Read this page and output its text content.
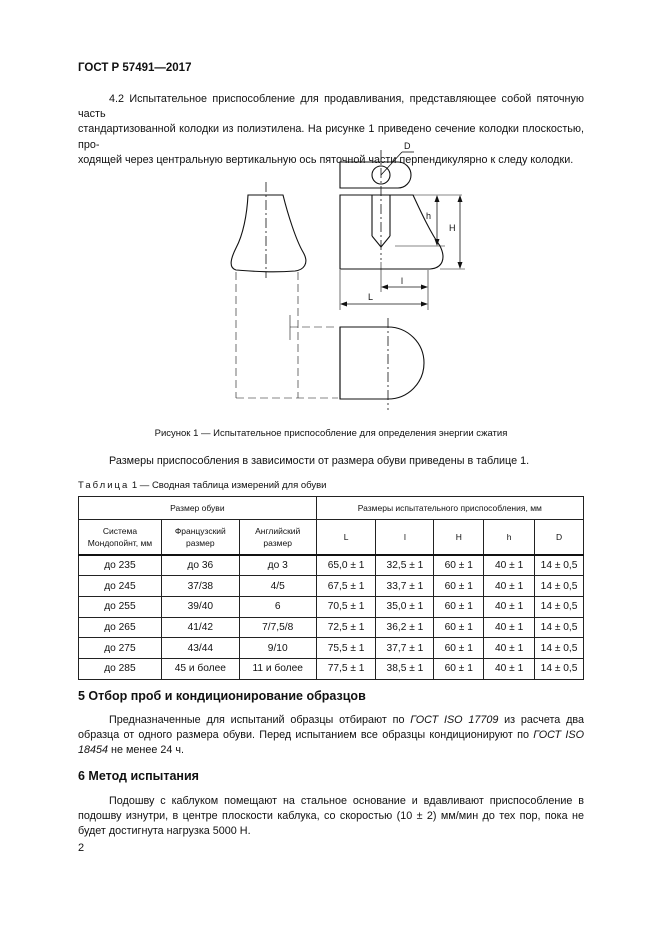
ГОСТ Р 57491—2017
4.2 Испытательное приспособление для продавливания, представляющее собой пяточную часть
стандартизованной колодки из полиэтилена. На рисунке 1 приведено сечение колодки плоскостью, про-
ходящей через центральную вертикальную ось пяточной части перпендикулярно к следу колодки.
D
h
H
l
L
Рисунок 1 — Испытательное приспособление для определения энергии сжатия
Размеры приспособления в зависимости от размера обуви приведены в таблице 1.
Таблица 1 — Сводная таблица измерений для обуви
Размер обуви			Размеры испытательного приспособления, мм				
Система Мондопойнт, мм	Французский размер	Английский размер	L	l	H	h	D
до 235	до 36	до 3	65,0 ± 1	32,5 ± 1	60 ± 1	40 ± 1	14 ± 0,5
до 245	37/38	4/5	67,5 ± 1	33,7 ± 1	60 ± 1	40 ± 1	14 ± 0,5
до 255	39/40	6	70,5 ± 1	35,0 ± 1	60 ± 1	40 ± 1	14 ± 0,5
до 265	41/42	7/7,5/8	72,5 ± 1	36,2 ± 1	60 ± 1	40 ± 1	14 ± 0,5
до 275	43/44	9/10	75,5 ± 1	37,7 ± 1	60 ± 1	40 ± 1	14 ± 0,5
до 285	45 и более	11 и более	77,5 ± 1	38,5 ± 1	60 ± 1	40 ± 1	14 ± 0,5
5 Отбор проб и кондиционирование образцов
Предназначенные для испытаний образцы отбирают по ГОСТ ISO 17709 из расчета два образца от одного размера обуви. Перед испытанием все образцы кондиционируют по ГОСТ ISO 18454 не менее 24 ч.
6 Метод испытания
Подошву с каблуком помещают на стальное основание и вдавливают приспособление в подошву изнутри, в центре плоскости каблука, со скоростью (10 ± 2) мм/мин до тех пор, пока не будет достигнута нагрузка 5000 Н.
2
